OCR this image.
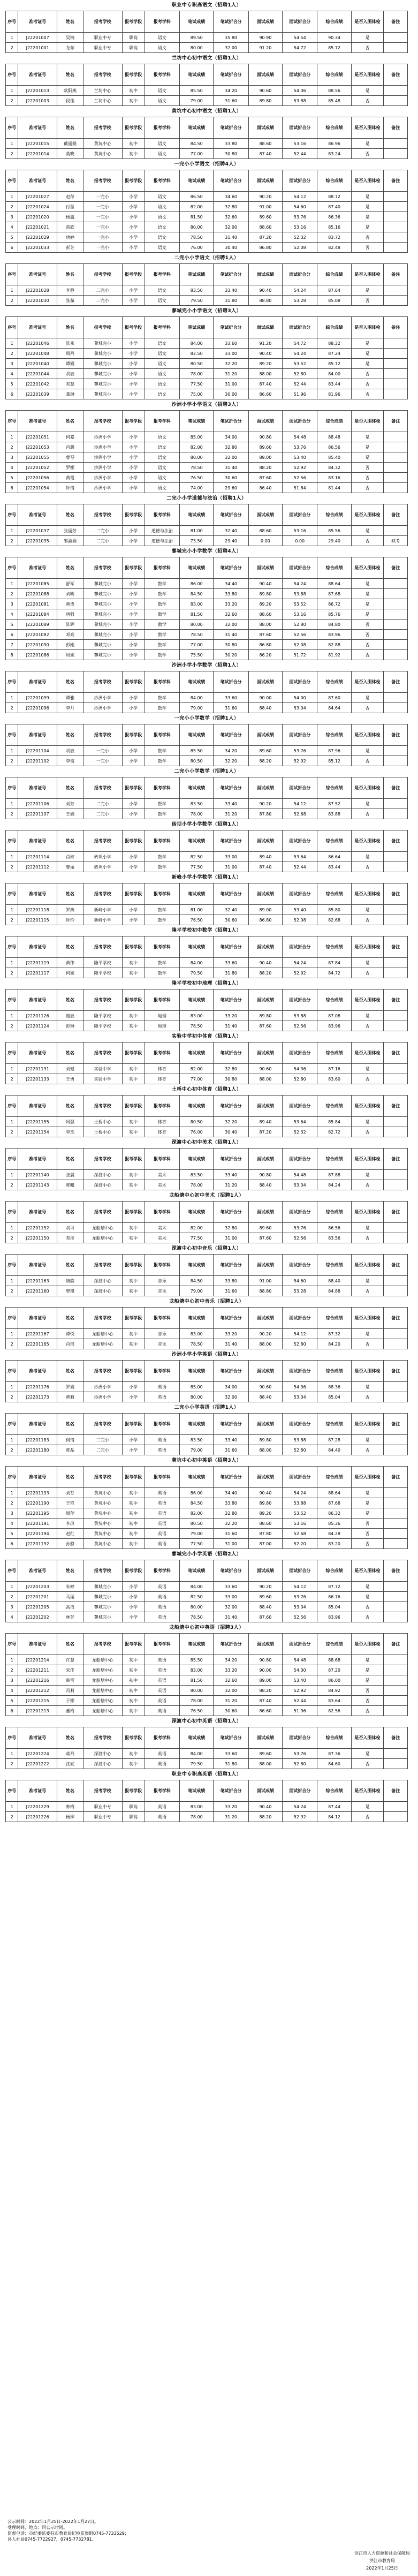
职业中专职高语文（招聘1人）
序号	准考证号	姓名	报考学校	报考学段	报考学科	笔试成绩	笔试折合分	面试成绩	面试折合分	综合成绩	是否入围体检	备注
1	J22201007	吴楠	职业中专	职高	语文	89.50	35.80	90.90	54.54	90.34	是	
2	J22201001	龙菲	职业中专	职高	语文	80.00	32.00	91.20	54.72	85.72	否	
兰坊中心初中语文（招聘1人）
序号	准考证号	姓名	报考学校	报考学段	报考学科	笔试成绩	笔试折合分	面试成绩	面试折合分	综合成绩	是否入围体检	备注
1	J22201013	欧阳燕	兰坊中心	初中	语文	85.50	34.20	90.60	54.36	88.56	是	
2	J22201003	段佳	兰坊中心	初中	语文	79.00	31.60	89.80	53.88	85.48	否	
黄坑中心初中语文（招聘1人）
序号	准考证号	姓名	报考学校	报考学段	报考学科	笔试成绩	笔试折合分	面试成绩	面试折合分	综合成绩	是否入围体检	备注
1	J22201015	戴丽娟	黄坑中心	初中	语文	84.50	33.80	88.60	53.16	86.96	是	
2	J22201014	莫晓	黄坑中心	初中	语文	77.00	30.80	87.40	52.44	83.24	否	
一完小小学语文（招聘4人）
序号	准考证号	姓名	报考学校	报考学段	报考学科	笔试成绩	笔试折合分	面试成绩	面试折合分	综合成绩	是否入围体检	备注
1	J22201027	赵萍	一完小	小学	语文	86.50	34.60	90.20	54.12	88.72	是	
2	J22201024	付蕾	一完小	小学	语文	82.00	32.80	91.00	54.60	87.40	是	
3	J22201020	杨露	一完小	小学	语文	81.50	32.60	89.60	53.76	86.36	是	
4	J22201021	雷欣	一完小	小学	语文	80.00	32.00	88.60	53.16	85.16	是	
5	J22201029	唐婷	一完小	小学	语文	78.50	31.40	87.20	52.32	83.72	否	
6	J22201033	彭芳	一完小	小学	语文	76.00	30.40	86.80	52.08	82.48	否	
二完小小学语文（招聘1人）
序号	准考证号	姓名	报考学校	报考学段	报考学科	笔试成绩	笔试折合分	面试成绩	面试折合分	综合成绩	是否入围体检	备注
1	J22201028	李静	二完小	小学	语文	83.50	33.40	90.40	54.24	87.64	是	
2	J22201030	张薇	二完小	小学	语文	79.50	31.80	88.80	53.28	85.08	否	
蓼城完小小学语文（招聘3人）
序号	准考证号	姓名	报考学校	报考学段	报考学科	笔试成绩	笔试折合分	面试成绩	面试折合分	综合成绩	是否入围体检	备注
1	J22201046	陈燕	蓼城完小	小学	语文	84.00	33.60	91.20	54.72	88.32	是	
2	J22201048	周丹	蓼城完小	小学	语文	82.50	33.00	90.40	54.24	87.24	是	
3	J22201040	谭娟	蓼城完小	小学	语文	80.50	32.20	89.20	53.52	85.72	是	
4	J22201044	胡敏	蓼城完小	小学	语文	78.00	31.20	88.00	52.80	84.00	否	
5	J22201042	邓慧	蓼城完小	小学	语文	77.50	31.00	87.40	52.44	83.44	否	
6	J22201039	龚琳	蓼城完小	小学	语文	75.00	30.00	86.60	51.96	81.96	否	
沙洲小学小学语文（招聘3人）
序号	准考证号	姓名	报考学校	报考学段	报考学科	笔试成绩	笔试折合分	面试成绩	面试折合分	综合成绩	是否入围体检	备注
1	J22201051	何嘉	沙洲小学	小学	语文	85.00	34.00	90.80	54.48	88.48	是	
2	J22201053	肖璐	沙洲小学	小学	语文	82.00	32.80	89.60	53.76	86.56	是	
3	J22201055	曹琴	沙洲小学	小学	语文	80.00	32.00	89.00	53.40	85.40	是	
4	J22201052	罗娜	沙洲小学	小学	语文	78.50	31.40	88.20	52.92	84.32	否	
5	J22201056	黄霞	沙洲小学	小学	语文	76.50	30.60	87.60	52.56	83.16	否	
6	J22201054	钟倩	沙洲小学	小学	语文	74.00	29.60	86.40	51.84	81.44	否	
二完小小学道德与法治（招聘1人）
序号	准考证号	姓名	报考学校	报考学段	报考学科	笔试成绩	笔试折合分	面试成绩	面试折合分	综合成绩	是否入围体检	备注
1	J22201037	张丽芳	二完小	小学	道德与法治	81.00	32.40	88.60	53.16	85.56	是	
2	J22201035	邹淑娟	二完小	小学	道德与法治	73.50	29.40	0.00	0.00	29.40	否	缺考
蓼城完小小学数学（招聘4人）
序号	准考证号	姓名	报考学校	报考学段	报考学科	笔试成绩	笔试折合分	面试成绩	面试折合分	综合成绩	是否入围体检	备注
1	J22201085	舒军	蓼城完小	小学	数学	86.00	34.40	90.40	54.24	88.64	是	
2	J22201088	刘明	蓼城完小	小学	数学	84.50	33.80	89.80	53.88	87.68	是	
3	J22201081	黄涛	蓼城完小	小学	数学	83.00	33.20	89.20	53.52	86.72	是	
4	J22201084	唐强	蓼城完小	小学	数学	81.50	32.60	88.60	53.16	85.76	是	
5	J22201089	陈辉	蓼城完小	小学	数学	80.00	32.00	88.00	52.80	84.80	否	
6	J22201082	邓亮	蓼城完小	小学	数学	78.50	31.40	87.60	52.56	83.96	否	
7	J22201090	彭刚	蓼城完小	小学	数学	77.00	30.80	86.80	52.08	82.88	否	
8	J22201086	周斌	蓼城完小	小学	数学	75.50	30.20	86.20	51.72	81.92	否	
沙洲小学小学数学（招聘1人）
序号	准考证号	姓名	报考学校	报考学段	报考学科	笔试成绩	笔试折合分	面试成绩	面试折合分	综合成绩	是否入围体检	备注
1	J22201099	谭雅	沙洲小学	小学	数学	84.00	33.60	90.00	54.00	87.60	是	
2	J22201096	李月	沙洲小学	小学	数学	79.00	31.60	88.40	53.04	84.64	否	
一完小小学数学（招聘1人）
序号	准考证号	姓名	报考学校	报考学段	报考学科	笔试成绩	笔试折合分	面试成绩	面试折合分	综合成绩	是否入围体检	备注
1	J22201104	胡敏	一完小	小学	数学	85.50	34.20	89.60	53.76	87.96	是	
2	J22201102	李霞	一完小	小学	数学	80.50	32.20	88.20	52.92	85.12	否	
二完小小学数学（招聘1人）
序号	准考证号	姓名	报考学校	报考学段	报考学科	笔试成绩	笔试折合分	面试成绩	面试折合分	综合成绩	是否入围体检	备注
1	J22201106	刘芳	二完小	小学	数学	83.50	33.40	90.20	54.12	87.52	是	
2	J22201107	王娟	二完小	小学	数学	78.00	31.20	87.80	52.68	83.88	否	
砖坝小学小学数学（招聘1人）
序号	准考证号	姓名	报考学校	报考学段	报考学科	笔试成绩	笔试折合分	面试成绩	面试折合分	综合成绩	是否入围体检	备注
1	J22201114	肖婷	砖坝小学	小学	数学	82.50	33.00	89.40	53.64	86.64	是	
2	J22201112	曹丽	砖坝小学	小学	数学	77.50	31.00	87.40	52.44	83.44	否	
新峰小学小学数学（招聘1人）
序号	准考证号	姓名	报考学校	报考学段	报考学科	笔试成绩	笔试折合分	面试成绩	面试折合分	综合成绩	是否入围体检	备注
1	J22201118	罗燕	新峰小学	小学	数学	81.00	32.40	89.00	53.40	85.80	是	
2	J22201115	钟玲	新峰小学	小学	数学	76.50	30.60	86.80	52.08	82.68	否	
隆平学校初中数学（招聘1人）
序号	准考证号	姓名	报考学校	报考学段	报考学科	笔试成绩	笔试折合分	面试成绩	面试折合分	综合成绩	是否入围体检	备注
1	J22201119	黄伟	隆平学校	初中	数学	84.00	33.60	90.40	54.24	87.84	是	
2	J22201117	何斌	隆平学校	初中	数学	79.50	31.80	88.20	52.92	84.72	否	
隆平学校初中地理（招聘1人）
序号	准考证号	姓名	报考学校	报考学段	报考学科	笔试成绩	笔试折合分	面试成绩	面试折合分	综合成绩	是否入围体检	备注
1	J22201126	谢敏	隆平学校	初中	地理	83.00	33.20	89.80	53.88	87.08	是	
2	J22201124	彭琳	隆平学校	初中	地理	78.50	31.40	87.60	52.56	83.96	否	
实验中学初中体育（招聘1人）
序号	准考证号	姓名	报考学校	报考学段	报考学科	笔试成绩	笔试折合分	面试成绩	面试折合分	综合成绩	是否入围体检	备注
1	J22201131	刘健	实验中学	初中	体育	82.00	32.80	90.60	54.36	87.16	是	
2	J22201133	王勇	实验中学	初中	体育	77.00	30.80	88.00	52.80	83.60	否	
土桥中心初中体育（招聘1人）
序号	准考证号	姓名	报考学校	报考学段	报考学科	笔试成绩	笔试折合分	面试成绩	面试折合分	综合成绩	是否入围体检	备注
1	J22201155	周强	土桥中心	初中	体育	80.50	32.20	89.40	53.64	85.84	是	
2	J22201154	李杰	土桥中心	初中	体育	76.00	30.40	87.20	52.32	82.72	否	
深渡中心初中美术（招聘1人）
序号	准考证号	姓名	报考学校	报考学段	报考学科	笔试成绩	笔试折合分	面试成绩	面试折合分	综合成绩	是否入围体检	备注
1	J22201140	张晨	深渡中心	初中	美术	83.50	33.40	90.80	54.48	87.88	是	
2	J22201143	陈曦	深渡中心	初中	美术	78.00	31.20	88.40	53.04	84.24	否	
龙船塘中心初中美术（招聘1人）
序号	准考证号	姓名	报考学校	报考学段	报考学科	笔试成绩	笔试折合分	面试成绩	面试折合分	综合成绩	是否入围体检	备注
1	J22201152	胡可	龙船塘中心	初中	美术	82.00	32.80	89.60	53.76	86.56	是	
2	J22201150	邓彤	龙船塘中心	初中	美术	77.50	31.00	87.60	52.56	83.56	否	
深渡中心初中音乐（招聘1人）
序号	准考证号	姓名	报考学校	报考学段	报考学科	笔试成绩	笔试折合分	面试成绩	面试折合分	综合成绩	是否入围体检	备注
1	J22201163	唐韵	深渡中心	初中	音乐	84.50	33.80	91.00	54.60	88.40	是	
2	J22201160	曾琪	深渡中心	初中	音乐	79.00	31.60	88.80	53.28	84.88	否	
龙船塘中心初中音乐（招聘1人）
序号	准考证号	姓名	报考学校	报考学段	报考学科	笔试成绩	笔试折合分	面试成绩	面试折合分	综合成绩	是否入围体检	备注
1	J22201167	谭悦	龙船塘中心	初中	音乐	83.00	33.20	90.20	54.12	87.32	是	
2	J22201165	肖瑶	龙船塘中心	初中	音乐	78.50	31.40	88.00	52.80	84.20	否	
沙洲小学小学英语（招聘1人）
序号	准考证号	姓名	报考学校	报考学段	报考学科	笔试成绩	笔试折合分	面试成绩	面试折合分	综合成绩	是否入围体检	备注
1	J22201176	罗娟	沙洲小学	小学	英语	85.00	34.00	90.60	54.36	88.36	是	
2	J22201173	黄莉	沙洲小学	小学	英语	80.00	32.00	88.40	53.04	85.04	否	
二完小小学英语（招聘1人）
序号	准考证号	姓名	报考学校	报考学段	报考学科	笔试成绩	笔试折合分	面试成绩	面试折合分	综合成绩	是否入围体检	备注
1	J22201183	何倩	二完小	小学	英语	83.50	33.40	89.80	53.88	87.28	是	
2	J22201180	陈晶	二完小	小学	英语	79.00	31.60	88.00	52.80	84.40	否	
黄坑中心初中英语（招聘3人）
序号	准考证号	姓名	报考学校	报考学段	报考学科	笔试成绩	笔试折合分	面试成绩	面试折合分	综合成绩	是否入围体检	备注
1	J22201193	刘芬	黄坑中心	初中	英语	86.00	34.40	90.40	54.24	88.64	是	
2	J22201190	王艳	黄坑中心	初中	英语	84.50	33.80	89.80	53.88	87.68	是	
3	J22201195	周萍	黄坑中心	初中	英语	82.00	32.80	89.20	53.52	86.32	是	
4	J22201191	李琼	黄坑中心	初中	英语	80.50	32.20	88.60	53.16	85.36	否	
5	J22201194	赵红	黄坑中心	初中	英语	79.00	31.60	87.80	52.68	84.28	否	
6	J22201192	孙静	黄坑中心	初中	英语	77.50	31.00	87.00	52.20	83.20	否	
蓼城完小小学英语（招聘2人）
序号	准考证号	姓名	报考学校	报考学段	报考学科	笔试成绩	笔试折合分	面试成绩	面试折合分	综合成绩	是否入围体检	备注
1	J22201203	朱婷	蓼城完小	小学	英语	84.00	33.60	90.20	54.12	87.72	是	
2	J22201201	马丽	蓼城完小	小学	英语	82.50	33.00	89.60	53.76	86.76	是	
3	J22201205	高洁	蓼城完小	小学	英语	80.00	32.00	88.40	53.04	85.04	否	
4	J22201202	林芳	蓼城完小	小学	英语	78.50	31.40	87.60	52.56	83.96	否	
龙船塘中心初中英语（招聘3人）
序号	准考证号	姓名	报考学校	报考学段	报考学科	笔试成绩	笔试折合分	面试成绩	面试折合分	综合成绩	是否入围体检	备注
1	J22201214	许慧	龙船塘中心	初中	英语	85.50	34.20	90.80	54.48	88.68	是	
2	J22201211	宋佳	龙船塘中心	初中	英语	83.00	33.20	90.00	54.00	87.20	是	
3	J22201216	韩雪	龙船塘中心	初中	英语	81.50	32.60	89.00	53.40	86.00	是	
4	J22201212	冯莉	龙船塘中心	初中	英语	80.00	32.00	88.20	52.92	84.92	否	
5	J22201215	于娜	龙船塘中心	初中	英语	78.00	31.20	87.40	52.44	83.64	否	
6	J22201213	董梅	龙船塘中心	初中	英语	76.50	30.60	86.60	51.96	82.56	否	
深渡中心初中英语（招聘1人）
序号	准考证号	姓名	报考学校	报考学段	报考学科	笔试成绩	笔试折合分	面试成绩	面试折合分	综合成绩	是否入围体检	备注
1	J22201224	蒋丹	深渡中心	初中	英语	84.00	33.60	89.60	53.76	87.36	是	
2	J22201222	沈妮	深渡中心	初中	英语	79.50	31.80	88.00	52.80	84.60	否	
职业中专职高英语（招聘1人）
序号	准考证号	姓名	报考学校	报考学段	报考学科	笔试成绩	笔试折合分	面试成绩	面试折合分	综合成绩	是否入围体检	备注
1	J22201229	韩梅	职业中专	职高	英语	83.00	33.20	90.40	54.24	87.44	是	
2	J22201226	杨柳	职业中专	职高	英语	78.00	31.20	88.20	52.92	84.12	否	
公示时间：2022年1月25日-2022年1月27日。
受理时间、地点：同公示时间。
监督电话：市纪委监委驻市教育局纪检监察组0745-7733529；
县人社局0745-7722927，0745-7732781。
洪江市人力资源和社会保障局
洪江市教育局
2022年1月25日
